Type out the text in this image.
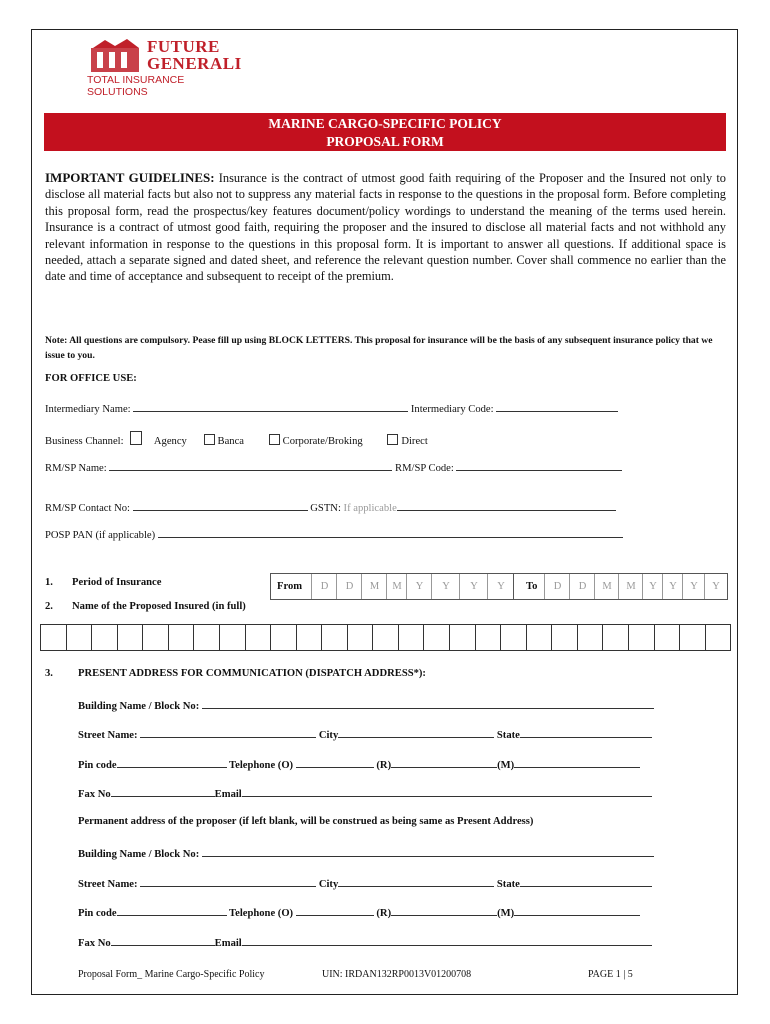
FUTURE
GENERALI
TOTAL INSURANCE SOLUTIONS
MARINE CARGO-SPECIFIC POLICY
PROPOSAL FORM
IMPORTANT GUIDELINES: Insurance is the contract of utmost good faith requiring of the Proposer and the Insured not only to disclose all material facts but also not to suppress any material facts in response to the questions in the proposal form. Before completing this proposal form, read the prospectus/key features document/policy wordings to understand the meaning of the terms used herein. Insurance is a contract of utmost good faith, requiring the proposer and the insured to disclose all material facts and not withhold any relevant information in response to the questions in this proposal form. It is important to answer all questions. If additional space is needed, attach a separate signed and dated sheet, and reference the relevant question number. Cover shall commence no earlier than the date and time of acceptance and subsequent to receipt of the premium.
Note: All questions are compulsory. Pease fill up using BLOCK LETTERS. This proposal for insurance will be the basis of any subsequent insurance policy that we issue to you.
FOR OFFICE USE:
Intermediary Name:	Intermediary Code:
Business Channel:	Agency	Banca	Corporate/Broking	Direct
RM/SP Name:	RM/SP Code:
RM/SP Contact No:	GSTN: If applicable
POSP PAN (if applicable)
1. Period of Insurance	From	D	D	M	M	Y	Y	Y	Y	To	D	D	M	M	Y	Y	Y	Y
2. Name of the Proposed Insured (in full)
3. PRESENT ADDRESS FOR COMMUNICATION (DISPATCH ADDRESS*):
Building Name / Block No:
Street Name:	City	State
Pin code	Telephone (O)	(R)	(M)
Fax No	Email
Permanent address of the proposer (if left blank, will be construed as being same as Present Address)
Building Name / Block No:
Street Name:	City	State
Pin code	Telephone (O)	(R)	(M)
Fax No	Email
Proposal Form_ Marine Cargo-Specific Policy	UIN: IRDAN132RP0013V01200708	PAGE 1 | 5
